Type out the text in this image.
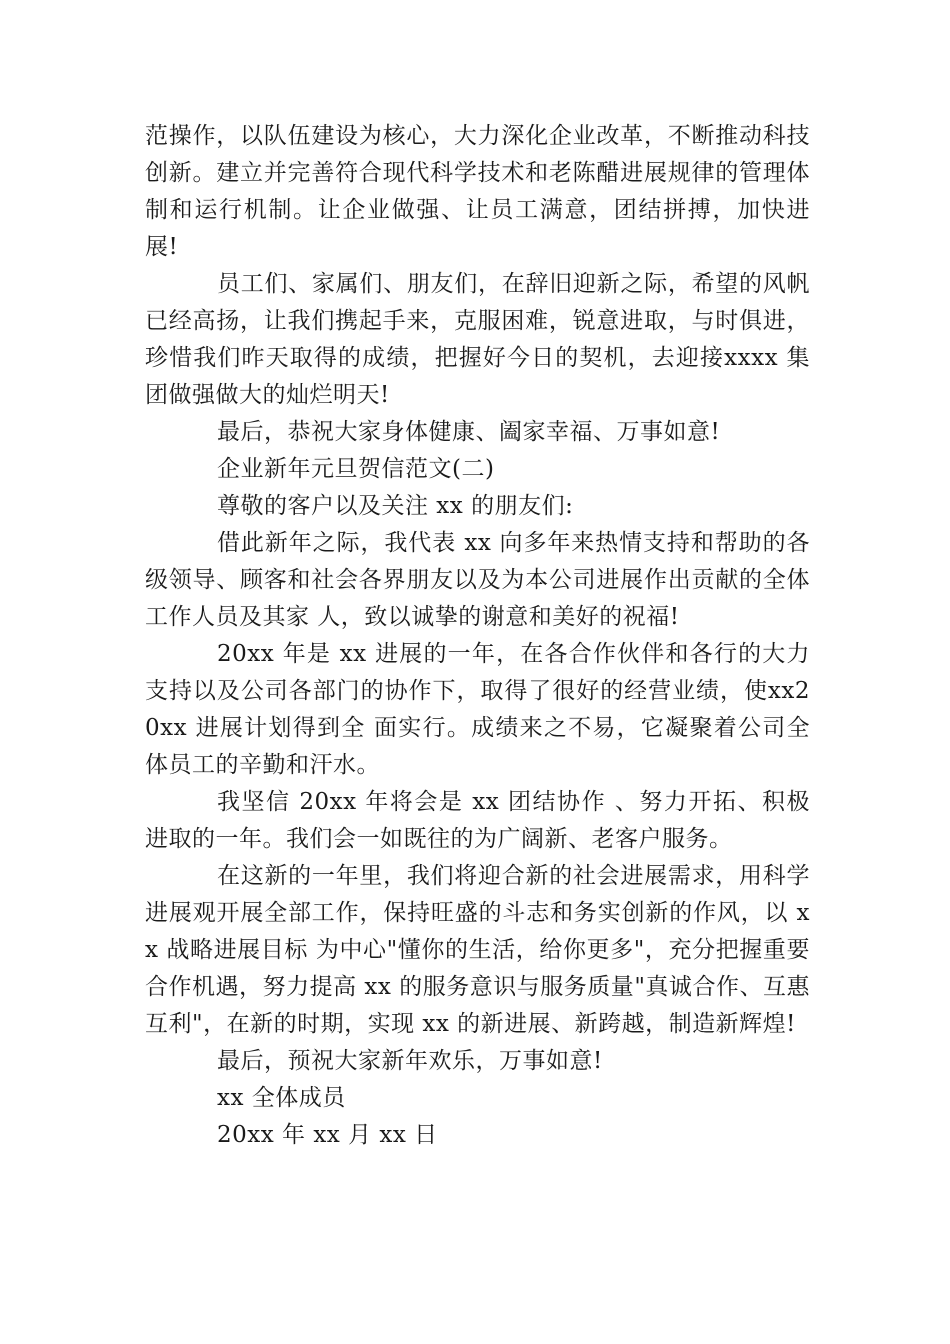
范操作，以队伍建设为核心，大力深化企业改革，不断推动科技创新。建立并完善符合现代科学技术和老陈醋进展规律的管理体制和运行机制。让企业做强、让员工满意，团结拼搏，加快进展!

员工们、家属们、朋友们，在辞旧迎新之际，希望的风帆已经高扬，让我们携起手来，克服困难，锐意进取，与时俱进，珍惜我们昨天取得的成绩，把握好今日的契机，去迎接xxxx 集团做强做大的灿烂明天!

最后，恭祝大家身体健康、阖家幸福、万事如意!

企业新年元旦贺信范文(二)

尊敬的客户以及关注 xx 的朋友们:

借此新年之际，我代表 xx 向多年来热情支持和帮助的各级领导、顾客和社会各界朋友以及为本公司进展作出贡献的全体工作人员及其家 人，致以诚挚的谢意和美好的祝福!

20xx 年是 xx 进展的一年，在各合作伙伴和各行的大力支持以及公司各部门的协作下，取得了很好的经营业绩，使xx20xx 进展计划得到全 面实行。成绩来之不易，它凝聚着公司全体员工的辛勤和汗水。

我坚信 20xx 年将会是 xx 团结协作 、努力开拓、积极进取的一年。我们会一如既往的为广阔新、老客户服务。

在这新的一年里，我们将迎合新的社会进展需求，用科学进展观开展全部工作，保持旺盛的斗志和务实创新的作风，以 xx 战略进展目标 为中心"懂你的生活，给你更多"，充分把握重要合作机遇，努力提高 xx 的服务意识与服务质量"真诚合作、互惠互利"，在新的时期，实现 xx 的新进展、新跨越，制造新辉煌!

最后，预祝大家新年欢乐，万事如意!

xx 全体成员

20xx 年 xx 月 xx 日
